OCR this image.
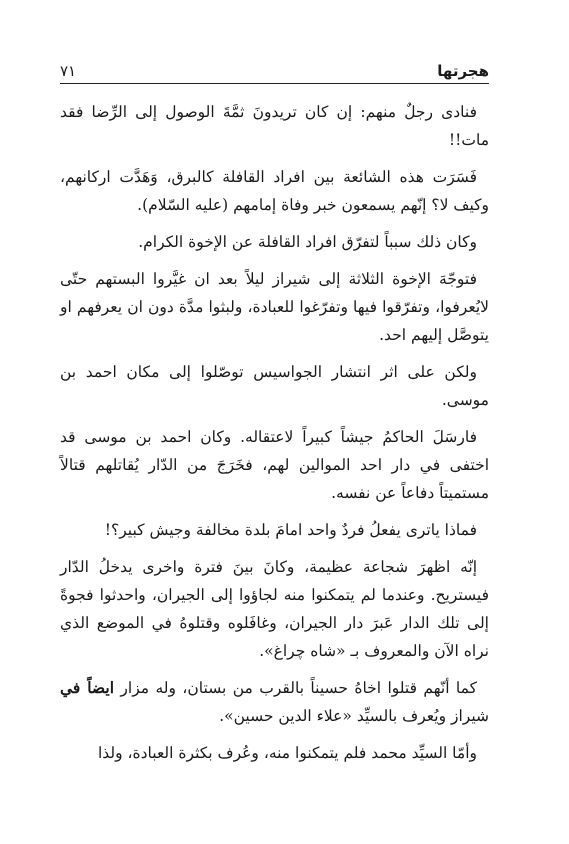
هجرتها
٧١

فنادى رجلٌ منهم: إن كان تريدونَ ثمَّةَ الوصول إلى الرِّضا فقد مات!!

فَسَرَت هذه الشائعة بين افراد القافلة كالبرق، وَهَدَّت اركانهم، وكيف لا؟ إنّهم يسمعون خبر وفاة إمامهم (عليه السّلام).

وكان ذلك سبباً لتفرّق افراد القافلة عن الإخوة الكرام.

فتوجّهَ الإخوة الثلاثة إلى شيراز ليلاً بعد ان غيَّروا البستهم حتّى لايُعرفوا، وتفرّقوا فيها وتفرّغوا للعبادة، ولبثوا مدَّة دون ان يعرفهم او يتوصَّل إليهم احد.

ولكن على اثر انتشار الجواسيس توصّلوا إلى مكان احمد بن موسى.

فارسَلَ الحاكمُ جيشاً كبيراً لاعتقاله. وكان احمد بن موسى قد اختفى في دار احد الموالين لهم، فخَرَجَ من الدّار يُقاتلهم قتالاً مستميتاً دفاعاً عن نفسه.

فماذا ياترى يفعلُ فردٌ واحد امامَ بلدة مخالفة وجيش كبير؟!

إنّه اظهرَ شجاعة عظيمة، وكانَ بينَ فترة واخرى يدخلُ الدّار فيستريح. وعندما لم يتمكنوا منه لجاؤوا إلى الجيران، واحدثوا فجوةً إلى تلك الدار عَبرَ دار الجيران، وغافَلوه وقتلوهُ في الموضع الذي نراه الآن والمعروف بـ «شاه چراغ».

كما أنّهم قتلوا اخاهُ حسيناً بالقرب من بستان، وله مزار ايضاً في شيراز ويُعرف بالسيِّد «علاء الدين حسين».

وأمّا السيِّد محمد فلم يتمكنوا منه، وعُرف بكثرة العبادة، ولذا
